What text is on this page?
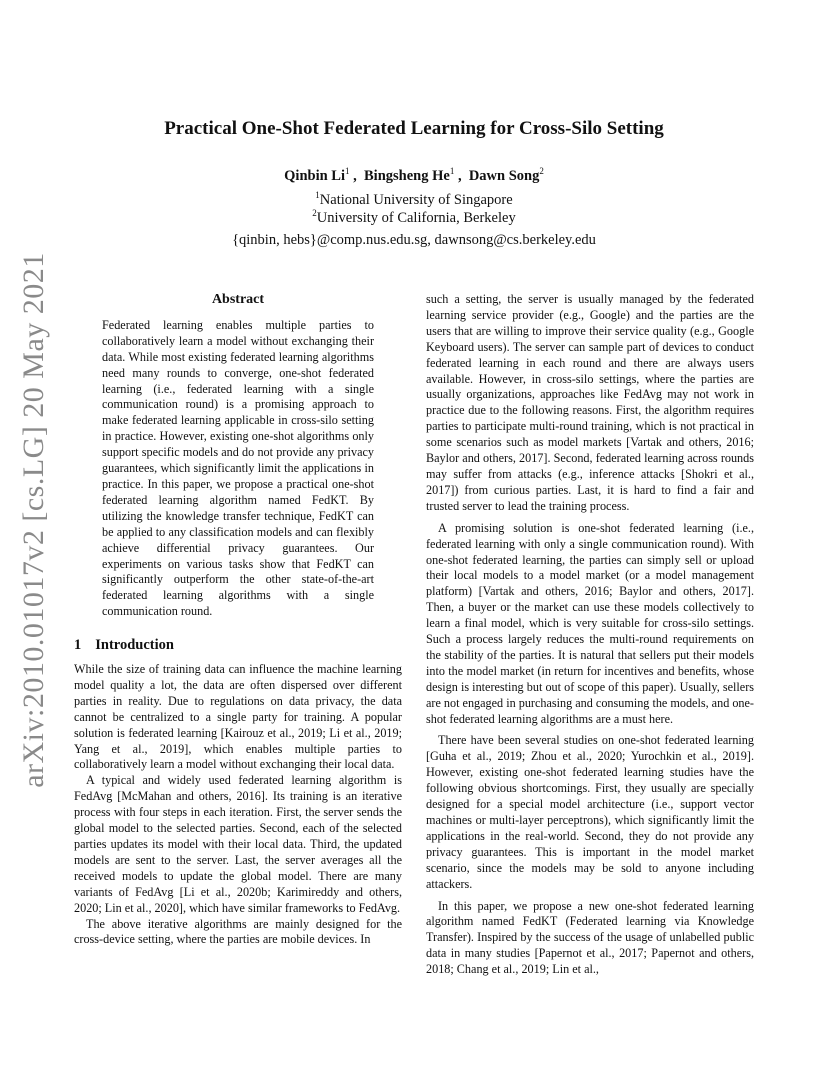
arXiv:2010.01017v2 [cs.LG] 20 May 2021
Practical One-Shot Federated Learning for Cross-Silo Setting
Qinbin Li$^1$ ,  Bingsheng He$^1$ ,  Dawn Song$^2$
$^1$National University of Singapore
$^2$University of California, Berkeley
{qinbin, hebs}@comp.nus.edu.sg, dawnsong@cs.berkeley.edu

Abstract

Federated learning enables multiple parties to collaboratively learn a model without exchanging their data. While most existing federated learning algorithms need many rounds to converge, one-shot federated learning (i.e., federated learning with a single communication round) is a promising approach to make federated learning applicable in cross-silo setting in practice. However, existing one-shot algorithms only support specific models and do not provide any privacy guarantees, which significantly limit the applications in practice. In this paper, we propose a practical one-shot federated learning algorithm named FedKT. By utilizing the knowledge transfer technique, FedKT can be applied to any classification models and can flexibly achieve differential privacy guarantees. Our experiments on various tasks show that FedKT can significantly outperform the other state-of-the-art federated learning algorithms with a single communication round.

1 Introduction

While the size of training data can influence the machine learning model quality a lot, the data are often dispersed over different parties in reality. Due to regulations on data privacy, the data cannot be centralized to a single party for training. A popular solution is federated learning [Kairouz et al., 2019; Li et al., 2019; Yang et al., 2019], which enables multiple parties to collaboratively learn a model without exchanging their local data.

A typical and widely used federated learning algorithm is FedAvg [McMahan and others, 2016]. Its training is an iterative process with four steps in each iteration. First, the server sends the global model to the selected parties. Second, each of the selected parties updates its model with their local data. Third, the updated models are sent to the server. Last, the server averages all the received models to update the global model. There are many variants of FedAvg [Li et al., 2020b; Karimireddy and others, 2020; Lin et al., 2020], which have similar frameworks to FedAvg.

The above iterative algorithms are mainly designed for the cross-device setting, where the parties are mobile devices. In

such a setting, the server is usually managed by the federated learning service provider (e.g., Google) and the parties are the users that are willing to improve their service quality (e.g., Google Keyboard users). The server can sample part of devices to conduct federated learning in each round and there are always users available. However, in cross-silo settings, where the parties are usually organizations, approaches like FedAvg may not work in practice due to the following reasons. First, the algorithm requires parties to participate multi-round training, which is not practical in some scenarios such as model markets [Vartak and others, 2016; Baylor and others, 2017]. Second, federated learning across rounds may suffer from attacks (e.g., inference attacks [Shokri et al., 2017]) from curious parties. Last, it is hard to find a fair and trusted server to lead the training process.

A promising solution is one-shot federated learning (i.e., federated learning with only a single communication round). With one-shot federated learning, the parties can simply sell or upload their local models to a model market (or a model management platform) [Vartak and others, 2016; Baylor and others, 2017]. Then, a buyer or the market can use these models collectively to learn a final model, which is very suitable for cross-silo settings. Such a process largely reduces the multi-round requirements on the stability of the parties. It is natural that sellers put their models into the model market (in return for incentives and benefits, whose design is interesting but out of scope of this paper). Usually, sellers are not engaged in purchasing and consuming the models, and one-shot federated learning algorithms are a must here.

There have been several studies on one-shot federated learning [Guha et al., 2019; Zhou et al., 2020; Yurochkin et al., 2019]. However, existing one-shot federated learning studies have the following obvious shortcomings. First, they usually are specially designed for a special model architecture (i.e., support vector machines or multi-layer perceptrons), which significantly limit the applications in the real-world. Second, they do not provide any privacy guarantees. This is important in the model market scenario, since the models may be sold to anyone including attackers.

In this paper, we propose a new one-shot federated learning algorithm named FedKT (Federated learning via Knowledge Transfer). Inspired by the success of the usage of unlabelled public data in many studies [Papernot et al., 2017; Papernot and others, 2018; Chang et al., 2019; Lin et al.,
